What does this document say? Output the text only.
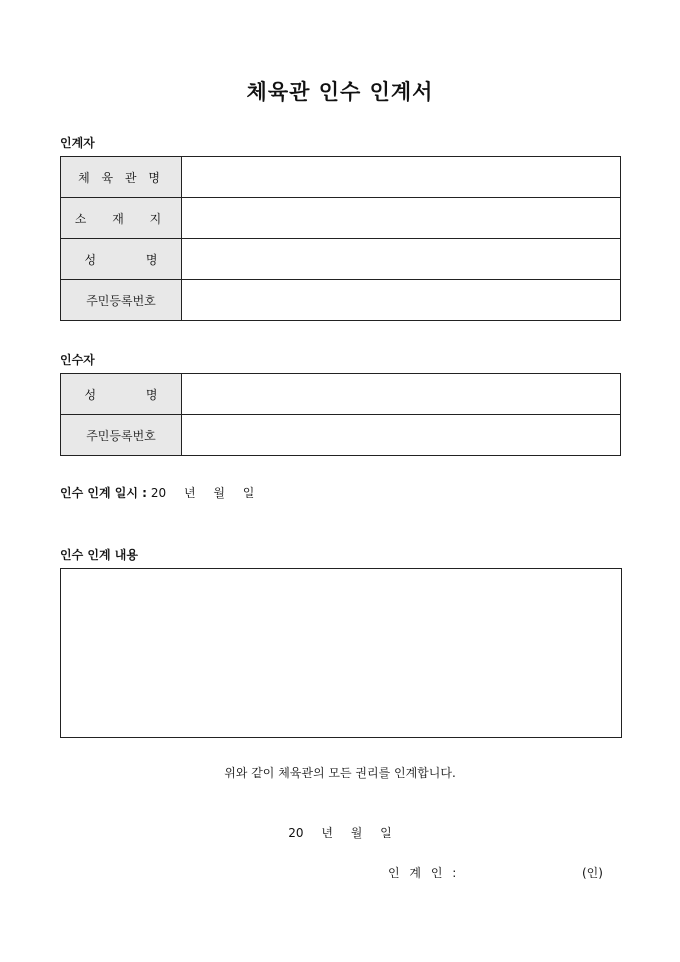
체육관 인수 인계서
인계자
체 육 관 명	
소 재 지	
성 명	
주민등록번호	
인수자
성 명	
주민등록번호	
인수 인계 일시 : 20 년 월 일
인수 인계 내용
위와 같이 체육관의 모든 권리를 인계합니다.
20 년 월 일
인 계 인 :	(인)
